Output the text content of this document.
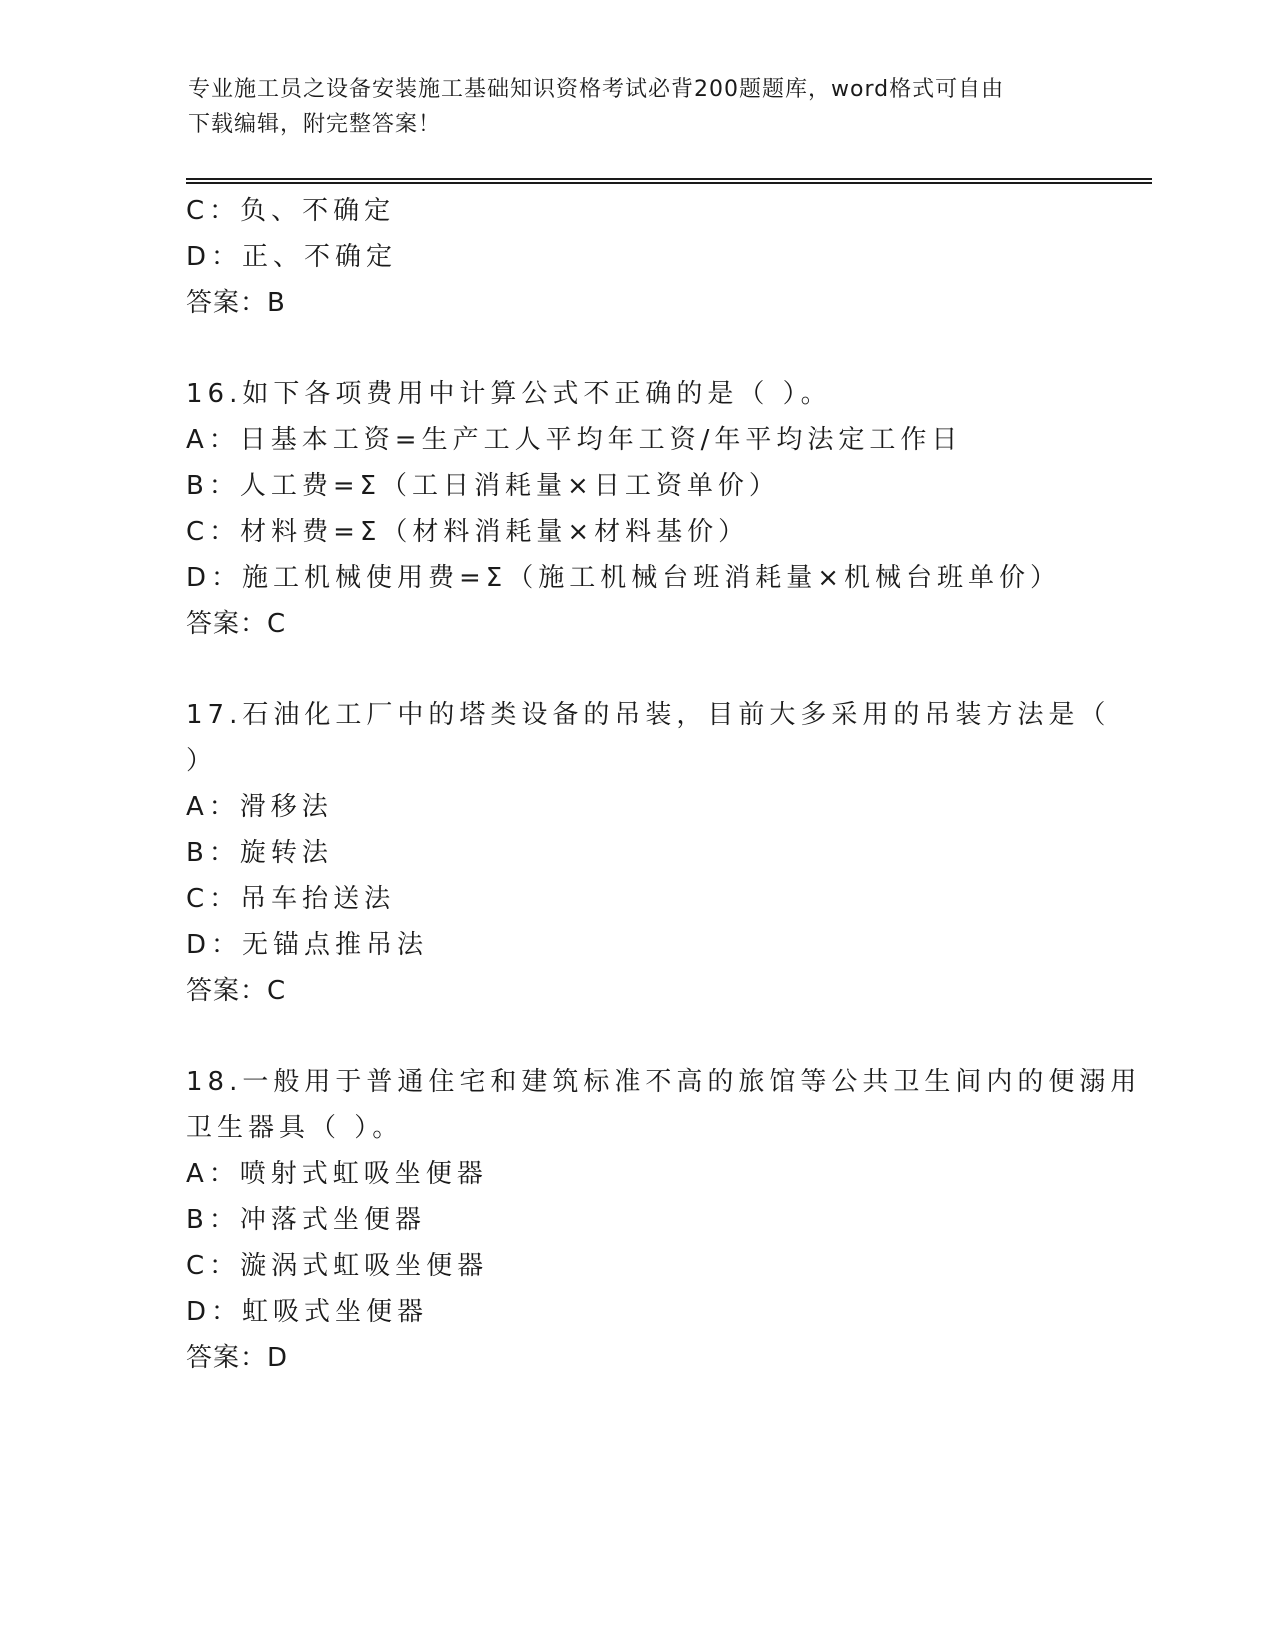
专业施工员之设备安装施工基础知识资格考试必背200题题库，word格式可自由
下载编辑，附完整答案！
C：负、不确定
D：正、不确定
答案：B
16.如下各项费用中计算公式不正确的是（ ）。
A：日基本工资=生产工人平均年工资/年平均法定工作日
B：人工费=Σ（工日消耗量×日工资单价）
C：材料费=Σ（材料消耗量×材料基价）
D：施工机械使用费=Σ（施工机械台班消耗量×机械台班单价）
答案：C
17.石油化工厂中的塔类设备的吊装，目前大多采用的吊装方法是（
）
A：滑移法
B：旋转法
C：吊车抬送法
D：无锚点推吊法
答案：C
18.一般用于普通住宅和建筑标准不高的旅馆等公共卫生间内的便溺用
卫生器具（ ）。
A：喷射式虹吸坐便器
B：冲落式坐便器
C：漩涡式虹吸坐便器
D：虹吸式坐便器
答案：D
